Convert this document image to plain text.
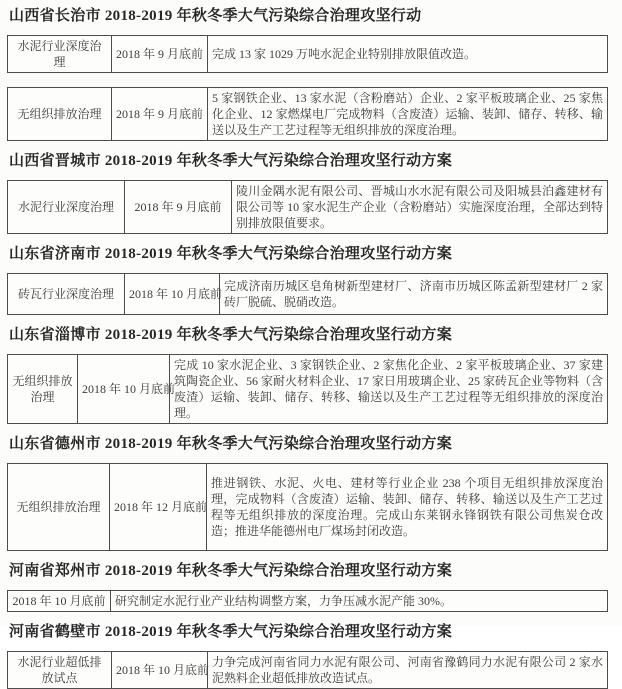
山西省长治市 2018-2019 年秋冬季大气污染综合治理攻坚行动
水泥行业深度治理	2018 年 9 月底前	完成 13 家 1029 万吨水泥企业特别排放限值改造。
无组织排放治理	2018 年 9 月底前	5 家钢铁企业、13 家水泥（含粉磨站）企业、2 家平板玻璃企业、25 家焦化企业、12 家燃煤电厂完成物料（含废渣）运输、装卸、储存、转移、输送以及生产工艺过程等无组织排放的深度治理。
山西省晋城市 2018-2019 年秋冬季大气污染综合治理攻坚行动方案
水泥行业深度治理	2018 年 9 月底前	陵川金隅水泥有限公司、晋城山水水泥有限公司及阳城县泊鑫建材有限公司等 10 家水泥生产企业（含粉磨站）实施深度治理，全部达到特别排放限值要求。
山东省济南市 2018-2019 年秋冬季大气污染综合治理攻坚行动方案
砖瓦行业深度治理	2018 年 10 月底前	完成济南历城区皂角树新型建材厂、济南市历城区陈孟新型建材厂 2 家砖厂脱硫、脱硝改造。
山东省淄博市 2018-2019 年秋冬季大气污染综合治理攻坚行动方案
无组织排放治理	2018 年 10 月底前	完成 10 家水泥企业、3 家钢铁企业、2 家焦化企业、2 家平板玻璃企业、37 家建筑陶瓷企业、56 家耐火材料企业、17 家日用玻璃企业、25 家砖瓦企业等物料（含废渣）运输、装卸、储存、转移、输送以及生产工艺过程等无组织排放的深度治理。
山东省德州市 2018-2019 年秋冬季大气污染综合治理攻坚行动方案
无组织排放治理	2018 年 12 月底前	推进钢铁、水泥、火电、建材等行业企业 238 个项目无组织排放深度治理，完成物料（含废渣）运输、装卸、储存、转移、输送以及生产工艺过程等无组织排放的深度治理。完成山东莱钢永锋钢铁有限公司焦炭仓改造；推进华能德州电厂煤场封闭改造。
河南省郑州市 2018-2019 年秋冬季大气污染综合治理攻坚行动方案
2018 年 10 月底前	研究制定水泥行业产业结构调整方案，力争压减水泥产能 30%。
河南省鹤壁市 2018-2019 年秋冬季大气污染综合治理攻坚行动方案
水泥行业超低排放试点	2018 年 10 月底前	力争完成河南省同力水泥有限公司、河南省豫鹤同力水泥有限公司 2 家水泥熟料企业超低排放改造试点。
